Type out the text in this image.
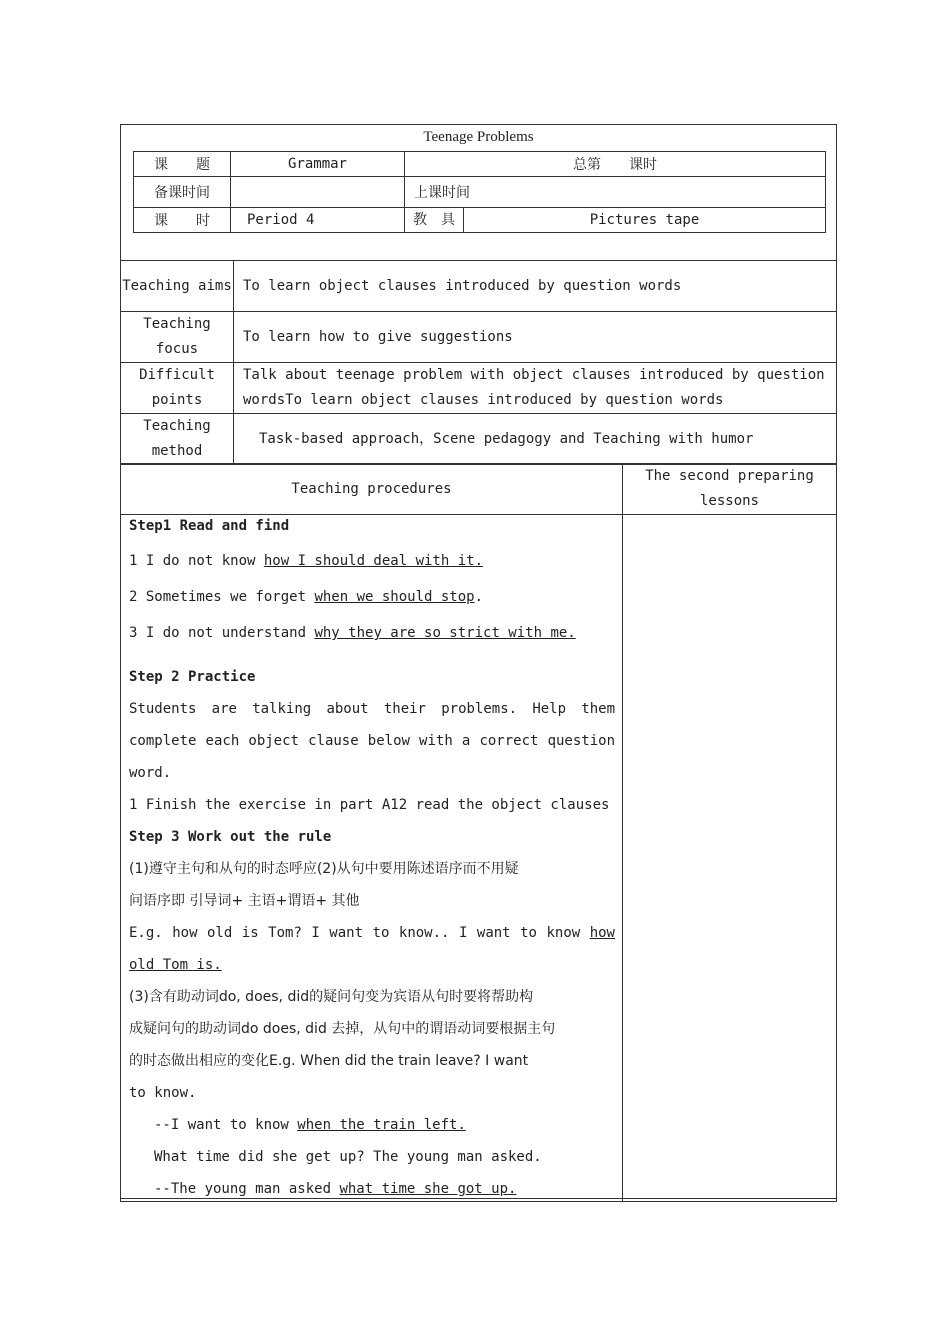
Teenage Problems
课　　题	Grammar	总第　　课时
备课时间		上课时间
课　　时	Period 4	教　具 Pictures tape
Teaching aims	To learn object clauses introduced by question words
Teaching focus	To learn how to give suggestions
Difficult points	Talk about teenage problem with object clauses introduced by question wordsTo learn object clauses introduced by question words
Teaching method	Task-based approach，Scene pedagogy and Teaching with humor
Teaching procedures	The second preparing lessons

Step1 Read and find

1 I do not know how I should deal with it.

2 Sometimes we forget when we should stop.

3 I do not understand why they are so strict with me.

Step 2 Practice

Students are talking about their problems. Help them

complete each object clause below with a correct question

word.

1 Finish the exercise in part A12 read the object clauses

Step 3 Work out the rule

(1)遵守主句和从句的时态呼应(2)从句中要用陈述语序而不用疑

问语序即 引导词+ 主语+谓语+ 其他

E.g. how old is Tom? I want to know.. I want to know how

old Tom is.

(3)含有助动词do, does, did的疑问句变为宾语从句时要将帮助构

成疑问句的助动词do does, did 去掉，从句中的谓语动词要根据主句

的时态做出相应的变化E.g. When did the train leave? I want

to know.

--I want to know when the train left.

What time did she get up? The young man asked.

--The young man asked what time she got up.
